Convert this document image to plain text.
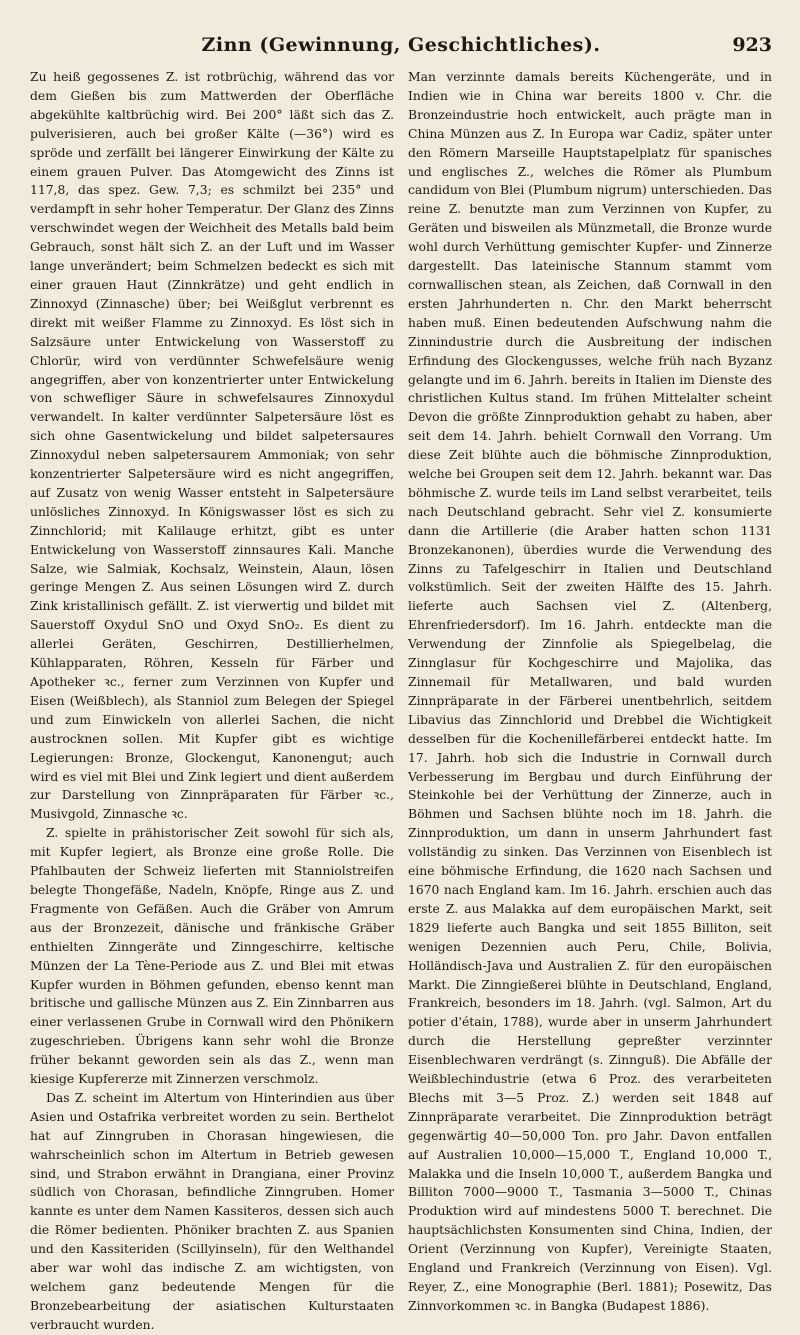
Zinn (Gewinnung, Geschichtliches).	923

Zu heiß gegossenes Z. ist rotbrüchig, während das vor dem Gießen bis zum Mattwerden der Oberfläche abgekühlte kaltbrüchig wird. Bei 200° läßt sich das Z. pulverisieren, auch bei großer Kälte (—36°) wird es spröde und zerfällt bei längerer Einwirkung der Kälte zu einem grauen Pulver. Das Atomgewicht des Zinns ist 117,8, das spez. Gew. 7,3; es schmilzt bei 235° und verdampft in sehr hoher Temperatur. Der Glanz des Zinns verschwindet wegen der Weichheit des Metalls bald beim Gebrauch, sonst hält sich Z. an der Luft und im Wasser lange unverändert; beim Schmelzen bedeckt es sich mit einer grauen Haut (Zinnkrätze) und geht endlich in Zinnoxyd (Zinnasche) über; bei Weißglut verbrennt es direkt mit weißer Flamme zu Zinnoxyd. Es löst sich in Salzsäure unter Entwickelung von Wasserstoff zu Chlorür, wird von verdünnter Schwefelsäure wenig angegriffen, aber von konzentrierter unter Entwickelung von schwefliger Säure in schwefelsaures Zinnoxydul verwandelt. In kalter verdünnter Salpetersäure löst es sich ohne Gasentwickelung und bildet salpetersaures Zinnoxydul neben salpetersaurem Ammoniak; von sehr konzentrierter Salpetersäure wird es nicht angegriffen, auf Zusatz von wenig Wasser entsteht in Salpetersäure unlösliches Zinnoxyd. In Königswasser löst es sich zu Zinnchlorid; mit Kalilauge erhitzt, gibt es unter Entwickelung von Wasserstoff zinnsaures Kali. Manche Salze, wie Salmiak, Kochsalz, Weinstein, Alaun, lösen geringe Mengen Z. Aus seinen Lösungen wird Z. durch Zink kristallinisch gefällt. Z. ist vierwertig und bildet mit Sauerstoff Oxydul SnO und Oxyd SnO₂. Es dient zu allerlei Geräten, Geschirren, Destillierhelmen, Kühlapparaten, Röhren, Kesseln für Färber und Apotheker ꝛc., ferner zum Verzinnen von Kupfer und Eisen (Weißblech), als Stanniol zum Belegen der Spiegel und zum Einwickeln von allerlei Sachen, die nicht austrocknen sollen. Mit Kupfer gibt es wichtige Legierungen: Bronze, Glockengut, Kanonengut; auch wird es viel mit Blei und Zink legiert und dient außerdem zur Darstellung von Zinnpräparaten für Färber ꝛc., Musivgold, Zinnasche ꝛc.

Z. spielte in prähistorischer Zeit sowohl für sich als, mit Kupfer legiert, als Bronze eine große Rolle. Die Pfahlbauten der Schweiz lieferten mit Stanniolstreifen belegte Thongefäße, Nadeln, Knöpfe, Ringe aus Z. und Fragmente von Gefäßen. Auch die Gräber von Amrum aus der Bronzezeit, dänische und fränkische Gräber enthielten Zinngeräte und Zinngeschirre, keltische Münzen der La Tène-Periode aus Z. und Blei mit etwas Kupfer wurden in Böhmen gefunden, ebenso kennt man britische und gallische Münzen aus Z. Ein Zinnbarren aus einer verlassenen Grube in Cornwall wird den Phönikern zugeschrieben. Übrigens kann sehr wohl die Bronze früher bekannt geworden sein als das Z., wenn man kiesige Kupfererze mit Zinnerzen verschmolz.

Das Z. scheint im Altertum von Hinterindien aus über Asien und Ostafrika verbreitet worden zu sein. Berthelot hat auf Zinngruben in Chorasan hingewiesen, die wahrscheinlich schon im Altertum in Betrieb gewesen sind, und Strabon erwähnt in Drangiana, einer Provinz südlich von Chorasan, befindliche Zinngruben. Homer kannte es unter dem Namen Kassiteros, dessen sich auch die Römer bedienten. Phöniker brachten Z. aus Spanien und den Kassiteriden (Scillyinseln), für den Welthandel aber war wohl das indische Z. am wichtigsten, von welchem ganz bedeutende Mengen für die Bronzebearbeitung der asiatischen Kulturstaaten verbraucht wurden.

Man verzinnte damals bereits Küchengeräte, und in Indien wie in China war bereits 1800 v. Chr. die Bronzeindustrie hoch entwickelt, auch prägte man in China Münzen aus Z. In Europa war Cadiz, später unter den Römern Marseille Hauptstapelplatz für spanisches und englisches Z., welches die Römer als Plumbum candidum von Blei (Plumbum nigrum) unterschieden. Das reine Z. benutzte man zum Verzinnen von Kupfer, zu Geräten und bisweilen als Münzmetall, die Bronze wurde wohl durch Verhüttung gemischter Kupfer- und Zinnerze dargestellt. Das lateinische Stannum stammt vom cornwallischen stean, als Zeichen, daß Cornwall in den ersten Jahrhunderten n. Chr. den Markt beherrscht haben muß. Einen bedeutenden Aufschwung nahm die Zinnindustrie durch die Ausbreitung der indischen Erfindung des Glockengusses, welche früh nach Byzanz gelangte und im 6. Jahrh. bereits in Italien im Dienste des christlichen Kultus stand. Im frühen Mittelalter scheint Devon die größte Zinnproduktion gehabt zu haben, aber seit dem 14. Jahrh. behielt Cornwall den Vorrang. Um diese Zeit blühte auch die böhmische Zinnproduktion, welche bei Groupen seit dem 12. Jahrh. bekannt war. Das böhmische Z. wurde teils im Land selbst verarbeitet, teils nach Deutschland gebracht. Sehr viel Z. konsumierte dann die Artillerie (die Araber hatten schon 1131 Bronzekanonen), überdies wurde die Verwendung des Zinns zu Tafelgeschirr in Italien und Deutschland volkstümlich. Seit der zweiten Hälfte des 15. Jahrh. lieferte auch Sachsen viel Z. (Altenberg, Ehrenfriedersdorf). Im 16. Jahrh. entdeckte man die Verwendung der Zinnfolie als Spiegelbelag, die Zinnglasur für Kochgeschirre und Majolika, das Zinnemail für Metallwaren, und bald wurden Zinnpräparate in der Färberei unentbehrlich, seitdem Libavius das Zinnchlorid und Drebbel die Wichtigkeit desselben für die Kochenillefärberei entdeckt hatte. Im 17. Jahrh. hob sich die Industrie in Cornwall durch Verbesserung im Bergbau und durch Einführung der Steinkohle bei der Verhüttung der Zinnerze, auch in Böhmen und Sachsen blühte noch im 18. Jahrh. die Zinnproduktion, um dann in unserm Jahrhundert fast vollständig zu sinken. Das Verzinnen von Eisenblech ist eine böhmische Erfindung, die 1620 nach Sachsen und 1670 nach England kam. Im 16. Jahrh. erschien auch das erste Z. aus Malakka auf dem europäischen Markt, seit 1829 lieferte auch Bangka und seit 1855 Billiton, seit wenigen Dezennien auch Peru, Chile, Bolivia, Holländisch-Java und Australien Z. für den europäischen Markt. Die Zinngießerei blühte in Deutschland, England, Frankreich, besonders im 18. Jahrh. (vgl. Salmon, Art du potier d'étain, 1788), wurde aber in unserm Jahrhundert durch die Herstellung gepreßter verzinnter Eisenblechwaren verdrängt (s. Zinnguß). Die Abfälle der Weißblechindustrie (etwa 6 Proz. des verarbeiteten Blechs mit 3—5 Proz. Z.) werden seit 1848 auf Zinnpräparate verarbeitet. Die Zinnproduktion beträgt gegenwärtig 40—50,000 Ton. pro Jahr. Davon entfallen auf Australien 10,000—15,000 T., England 10,000 T., Malakka und die Inseln 10,000 T., außerdem Bangka und Billiton 7000—9000 T., Tasmania 3—5000 T., Chinas Produktion wird auf mindestens 5000 T. berechnet. Die hauptsächlichsten Konsumenten sind China, Indien, der Orient (Verzinnung von Kupfer), Vereinigte Staaten, England und Frankreich (Verzinnung von Eisen). Vgl. Reyer, Z., eine Monographie (Berl. 1881); Posewitz, Das Zinnvorkommen ꝛc. in Bangka (Budapest 1886).
